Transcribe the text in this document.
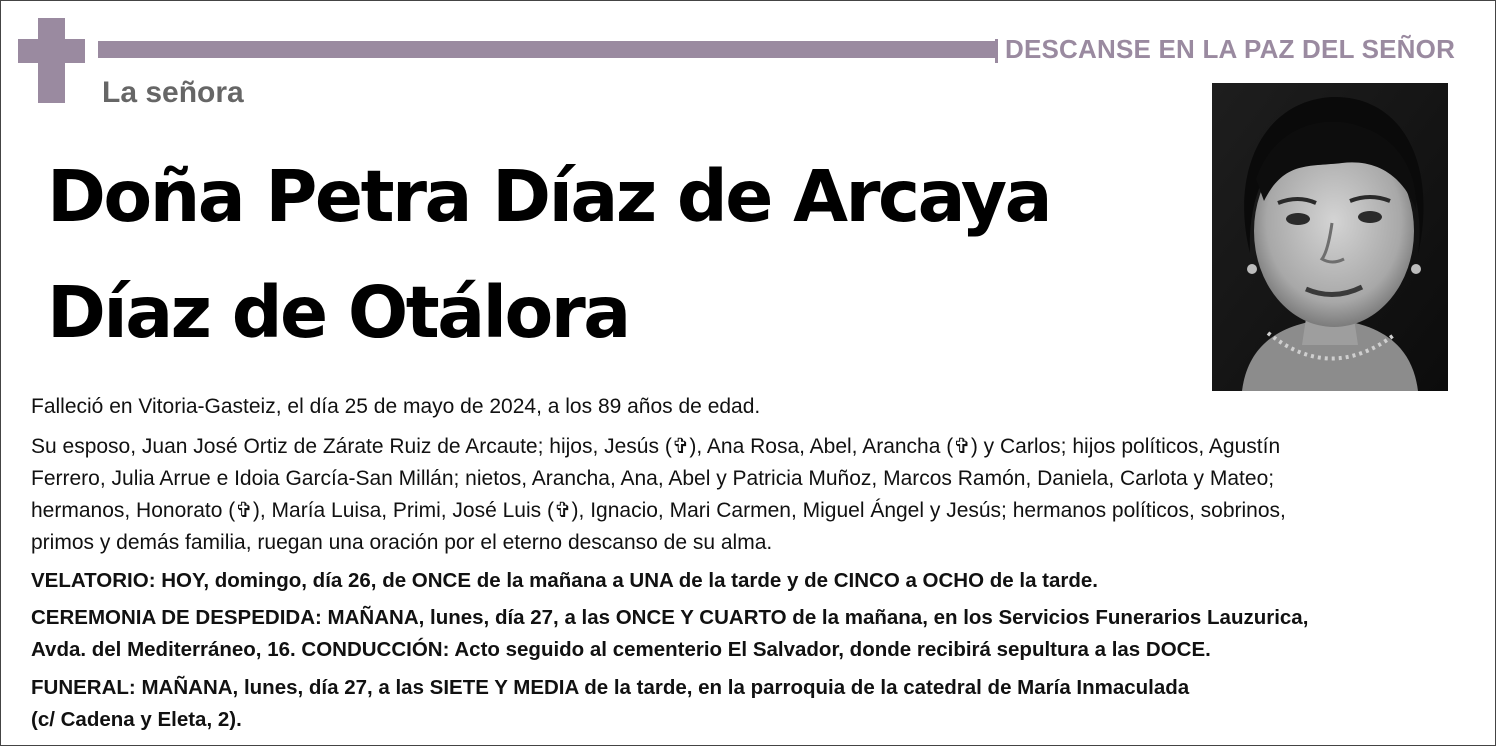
DESCANSE EN LA PAZ DEL SEÑOR
La señora
Doña Petra Díaz de Arcaya
Díaz de Otálora
Falleció en Vitoria-Gasteiz, el día 25 de mayo de 2024, a los 89 años de edad.
Su esposo, Juan José Ortiz de Zárate Ruiz de Arcaute; hijos, Jesús (✞), Ana Rosa, Abel, Arancha (✞) y Carlos; hijos políticos, Agustín
Ferrero, Julia Arrue e Idoia García-San Millán; nietos, Arancha, Ana, Abel y Patricia Muñoz, Marcos Ramón, Daniela, Carlota y Mateo;
hermanos, Honorato (✞), María Luisa, Primi, José Luis (✞), Ignacio, Mari Carmen, Miguel Ángel y Jesús; hermanos políticos, sobrinos,
primos y demás familia, ruegan una oración por el eterno descanso de su alma.
VELATORIO: HOY, domingo, día 26, de ONCE de la mañana a UNA de la tarde y de CINCO a OCHO de la tarde.
CEREMONIA DE DESPEDIDA: MAÑANA, lunes, día 27, a las ONCE Y CUARTO de la mañana, en los Servicios Funerarios Lauzurica,
Avda. del Mediterráneo, 16. CONDUCCIÓN: Acto seguido al cementerio El Salvador, donde recibirá sepultura a las DOCE.
FUNERAL: MAÑANA, lunes, día 27, a las SIETE Y MEDIA de la tarde, en la parroquia de la catedral de María Inmaculada
(c/ Cadena y Eleta, 2).
